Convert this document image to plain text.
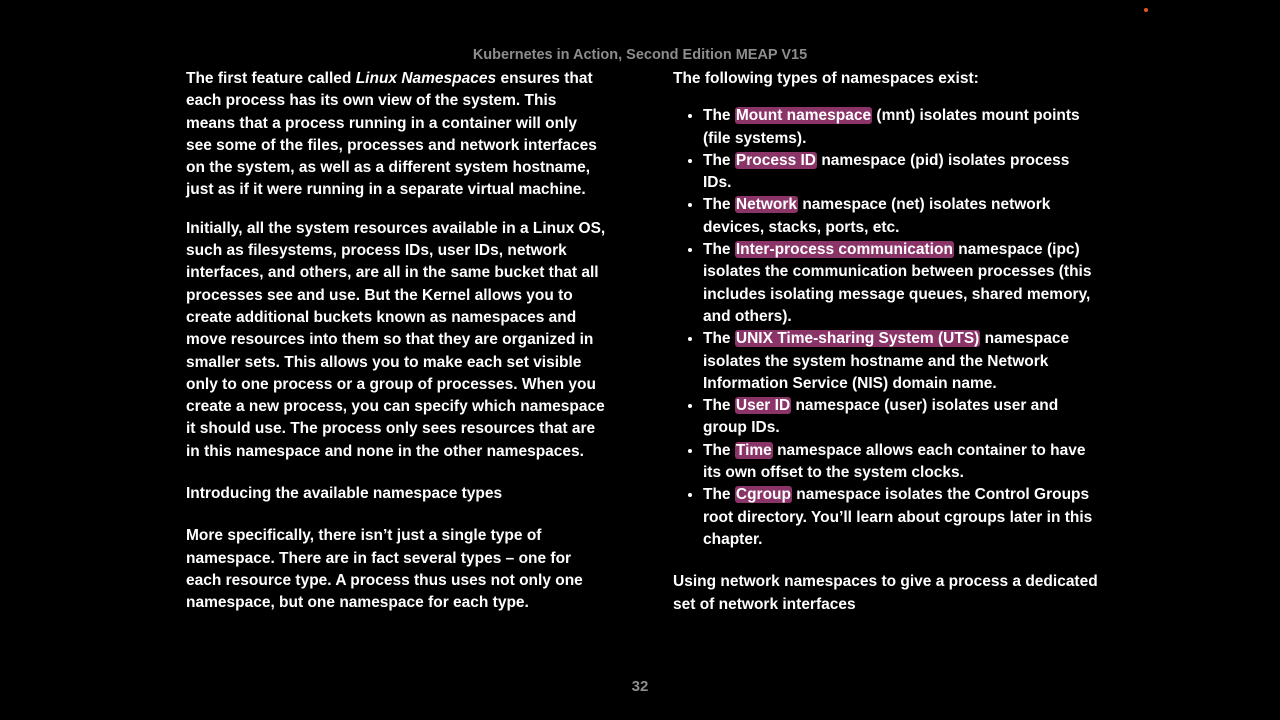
Kubernetes in Action, Second Edition MEAP V15

The first feature called Linux Namespaces ensures that each process has its own view of the system. This means that a process running in a container will only see some of the files, processes and network interfaces on the system, as well as a different system hostname, just as if it were running in a separate virtual machine.

Initially, all the system resources available in a Linux OS, such as filesystems, process IDs, user IDs, network interfaces, and others, are all in the same bucket that all processes see and use. But the Kernel allows you to create additional buckets known as namespaces and move resources into them so that they are organized in smaller sets. This allows you to make each set visible only to one process or a group of processes. When you create a new process, you can specify which namespace it should use. The process only sees resources that are in this namespace and none in the other namespaces.

Introducing the available namespace types

More specifically, there isn’t just a single type of namespace. There are in fact several types – one for each resource type. A process thus uses not only one namespace, but one namespace for each type.

The following types of namespaces exist:

• The Mount namespace (mnt) isolates mount points (file systems).
• The Process ID namespace (pid) isolates process IDs.
• The Network namespace (net) isolates network devices, stacks, ports, etc.
• The Inter-process communication namespace (ipc) isolates the communication between processes (this includes isolating message queues, shared memory, and others).
• The UNIX Time-sharing System (UTS) namespace isolates the system hostname and the Network Information Service (NIS) domain name.
• The User ID namespace (user) isolates user and group IDs.
• The Time namespace allows each container to have its own offset to the system clocks.
• The Cgroup namespace isolates the Control Groups root directory. You’ll learn about cgroups later in this chapter.

Using network namespaces to give a process a dedicated set of network interfaces

32
